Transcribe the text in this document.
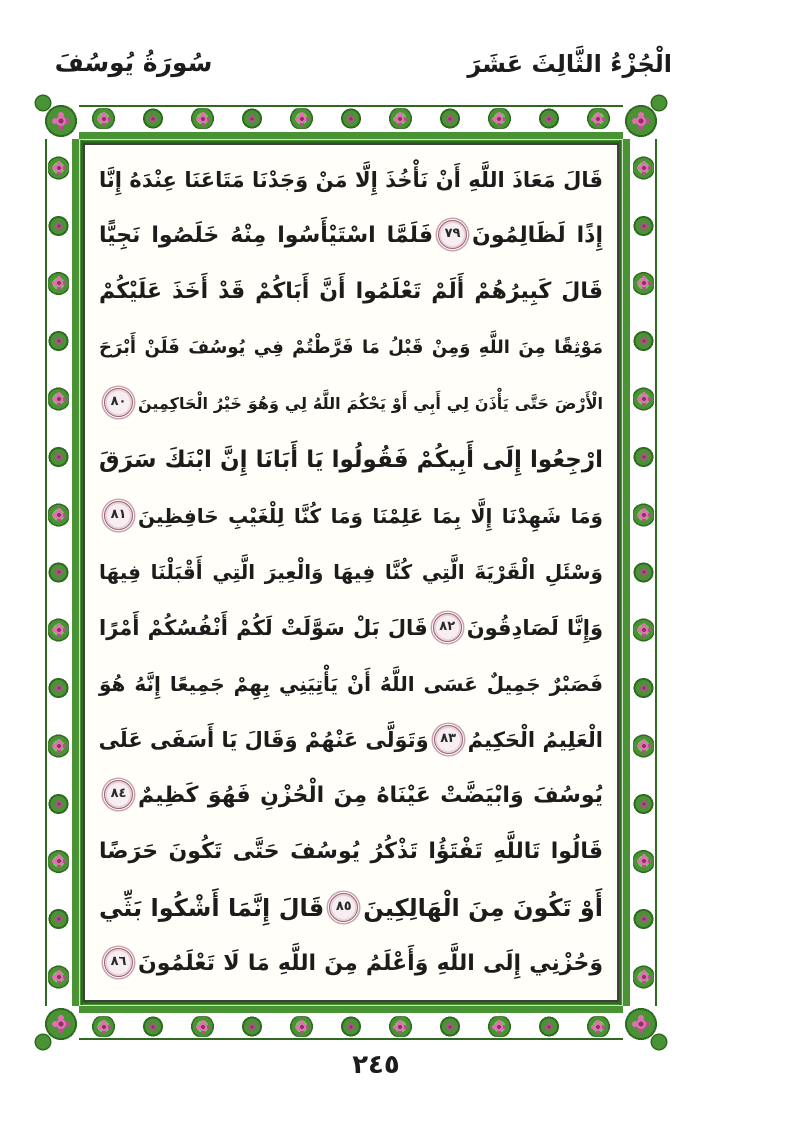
الْجُزْءُ الثَّالِثَ عَشَرَ
سُورَةُ يُوسُفَ
قَالَ مَعَاذَ اللَّهِ أَنْ نَأْخُذَ إِلَّا مَنْ وَجَدْنَا مَتَاعَنَا عِنْدَهُ إِنَّا
إِذًا لَظَالِمُونَ٧٩فَلَمَّا اسْتَيْأَسُوا مِنْهُ خَلَصُوا نَجِيًّا
قَالَ كَبِيرُهُمْ أَلَمْ تَعْلَمُوا أَنَّ أَبَاكُمْ قَدْ أَخَذَ عَلَيْكُمْ
مَوْثِقًا مِنَ اللَّهِ وَمِنْ قَبْلُ مَا فَرَّطْتُمْ فِي يُوسُفَ فَلَنْ أَبْرَحَ
الْأَرْضَ حَتَّى يَأْذَنَ لِي أَبِي أَوْ يَحْكُمَ اللَّهُ لِي وَهُوَ خَيْرُ الْحَاكِمِينَ٨٠
ارْجِعُوا إِلَى أَبِيكُمْ فَقُولُوا يَا أَبَانَا إِنَّ ابْنَكَ سَرَقَ
وَمَا شَهِدْنَا إِلَّا بِمَا عَلِمْنَا وَمَا كُنَّا لِلْغَيْبِ حَافِظِينَ٨١
وَسْئَلِ الْقَرْيَةَ الَّتِي كُنَّا فِيهَا وَالْعِيرَ الَّتِي أَقْبَلْنَا فِيهَا
وَإِنَّا لَصَادِقُونَ٨٢قَالَ بَلْ سَوَّلَتْ لَكُمْ أَنْفُسُكُمْ أَمْرًا
فَصَبْرٌ جَمِيلٌ عَسَى اللَّهُ أَنْ يَأْتِيَنِي بِهِمْ جَمِيعًا إِنَّهُ هُوَ
الْعَلِيمُ الْحَكِيمُ٨٣وَتَوَلَّى عَنْهُمْ وَقَالَ يَا أَسَفَى عَلَى
يُوسُفَ وَابْيَضَّتْ عَيْنَاهُ مِنَ الْحُزْنِ فَهُوَ كَظِيمٌ٨٤
قَالُوا تَاللَّهِ تَفْتَؤُا تَذْكُرُ يُوسُفَ حَتَّى تَكُونَ حَرَضًا
أَوْ تَكُونَ مِنَ الْهَالِكِينَ٨٥قَالَ إِنَّمَا أَشْكُوا بَثِّي
وَحُزْنِي إِلَى اللَّهِ وَأَعْلَمُ مِنَ اللَّهِ مَا لَا تَعْلَمُونَ٨٦
٢٤٥
